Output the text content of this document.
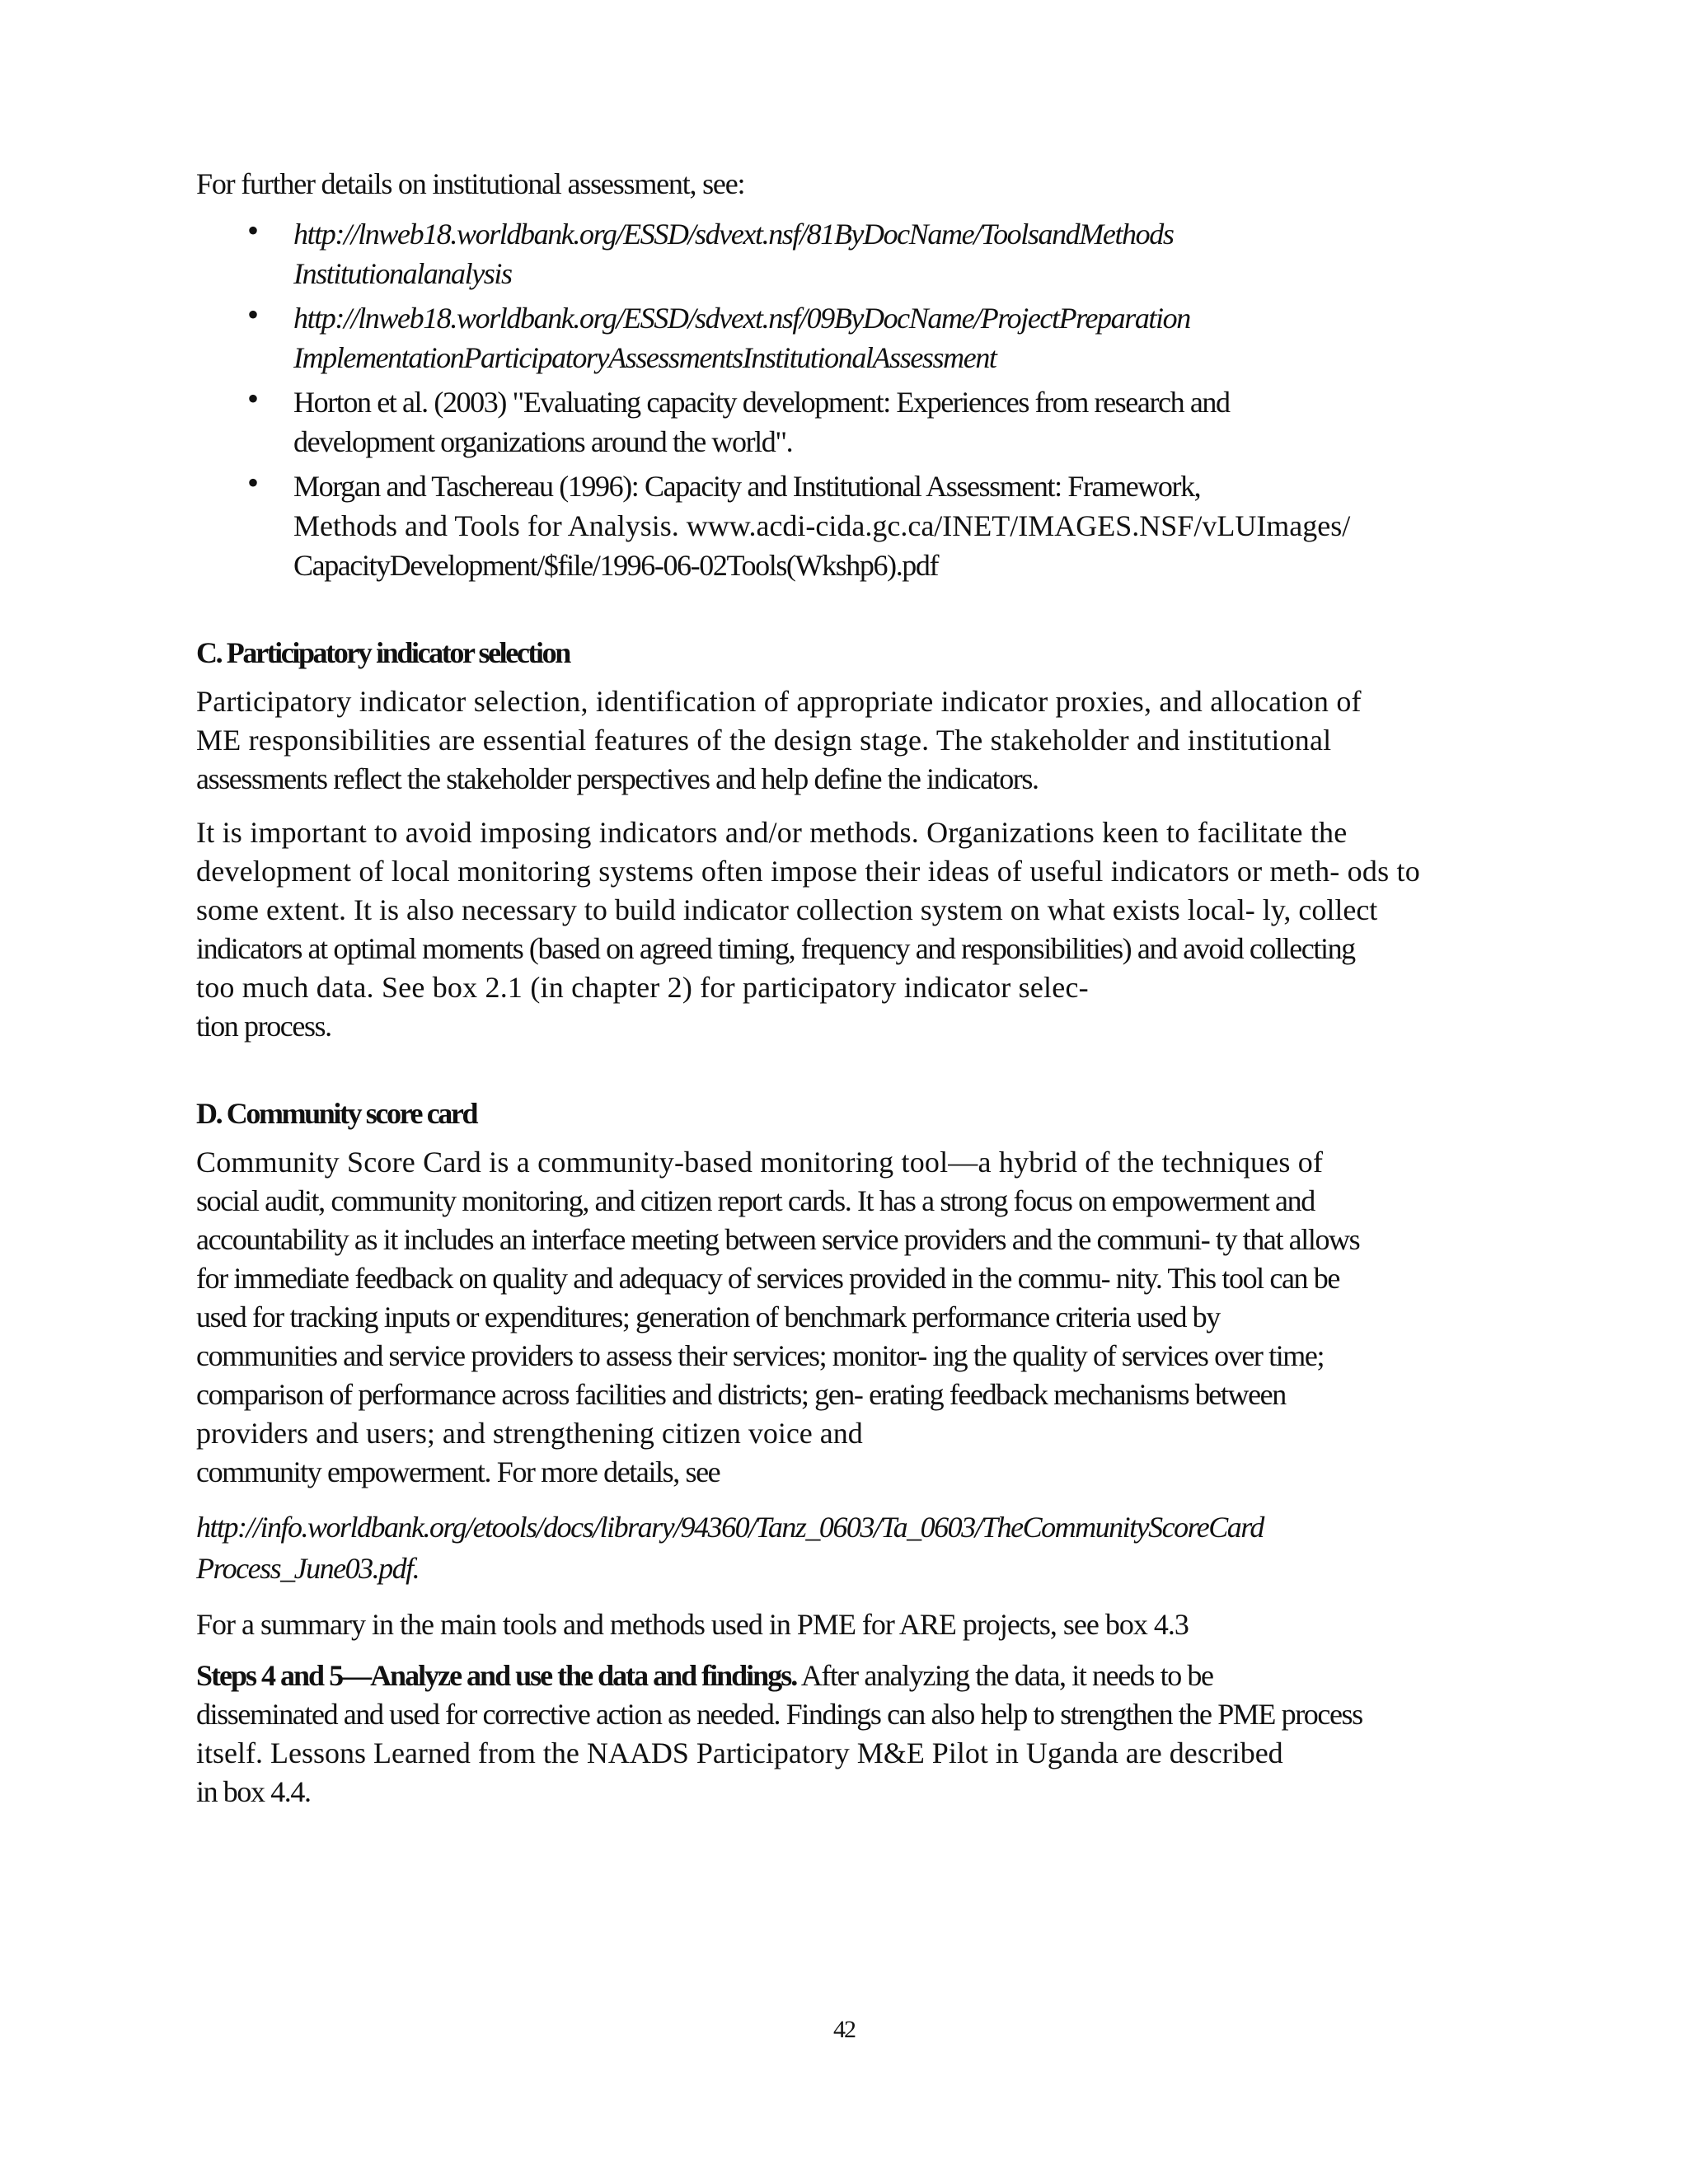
For further details on institutional assessment, see:

• http://lnweb18.worldbank.org/ESSD/sdvext.nsf/81ByDocName/ToolsandMethods
Institutionalanalysis
• http://lnweb18.worldbank.org/ESSD/sdvext.nsf/09ByDocName/ProjectPreparation
ImplementationParticipatoryAssessmentsInstitutionalAssessment
• Horton et al. (2003) "Evaluating capacity development: Experiences from research and
development organizations around the world".
• Morgan and Taschereau (1996): Capacity and Institutional Assessment: Framework,
Methods and Tools for Analysis. www.acdi-cida.gc.ca/INET/IMAGES.NSF/vLUImages/
CapacityDevelopment/$file/1996-06-02Tools(Wkshp6).pdf

C. Participatory indicator selection

Participatory indicator selection, identification of appropriate indicator proxies, and allocation of
ME responsibilities are essential features of the design stage. The stakeholder and institutional
assessments reflect the stakeholder perspectives and help define the indicators.

It is important to avoid imposing indicators and/or methods. Organizations keen to facilitate the
development of local monitoring systems often impose their ideas of useful indicators or meth- ods to
some extent. It is also necessary to build indicator collection system on what exists local- ly, collect
indicators at optimal moments (based on agreed timing, frequency and responsibilities) and avoid collecting
too much data. See box 2.1 (in chapter 2) for participatory indicator selec-
tion process.

D. Community score card

Community Score Card is a community-based monitoring tool—a hybrid of the techniques of
social audit, community monitoring, and citizen report cards. It has a strong focus on empowerment and
accountability as it includes an interface meeting between service providers and the communi- ty that allows
for immediate feedback on quality and adequacy of services provided in the commu- nity. This tool can be
used for tracking inputs or expenditures; generation of benchmark performance criteria used by
communities and service providers to assess their services; monitor- ing the quality of services over time;
comparison of performance across facilities and districts; gen- erating feedback mechanisms between
providers and users; and strengthening citizen voice and
community empowerment. For more details, see

http://info.worldbank.org/etools/docs/library/94360/Tanz_0603/Ta_0603/TheCommunityScoreCard
Process_June03.pdf.

For a summary in the main tools and methods used in PME for ARE projects, see box 4.3

Steps 4 and 5—Analyze and use the data and findings. After analyzing the data, it needs to be
disseminated and used for corrective action as needed. Findings can also help to strengthen the PME process
itself. Lessons Learned from the NAADS Participatory M&E Pilot in Uganda are described
in box 4.4.

42
